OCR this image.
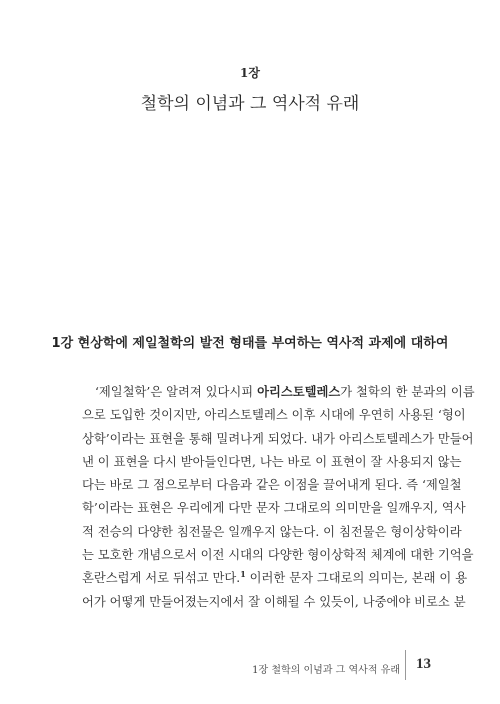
1장
철학의 이념과 그 역사적 유래
1강 현상학에 제일철학의 발전 형태를 부여하는 역사적 과제에 대하여
‘제일철학’은 알려져 있다시피 아리스토텔레스가 철학의 한 분과의 이름
으로 도입한 것이지만, 아리스토텔레스 이후 시대에 우연히 사용된 ‘형이
상학’이라는 표현을 통해 밀려나게 되었다. 내가 아리스토텔레스가 만들어
낸 이 표현을 다시 받아들인다면, 나는 바로 이 표현이 잘 사용되지 않는
다는 바로 그 점으로부터 다음과 같은 이점을 끌어내게 된다. 즉 ‘제일철
학’이라는 표현은 우리에게 다만 문자 그대로의 의미만을 일깨우지, 역사
적 전승의 다양한 침전물은 일깨우지 않는다. 이 침전물은 형이상학이라
는 모호한 개념으로서 이전 시대의 다양한 형이상학적 체계에 대한 기억을
혼란스럽게 서로 뒤섞고 만다.$^1$ 이러한 문자 그대로의 의미는, 본래 이 용
어가 어떻게 만들어졌는지에서 잘 이해될 수 있듯이, 나중에야 비로소 분
1장 철학의 이념과 그 역사적 유래 13
